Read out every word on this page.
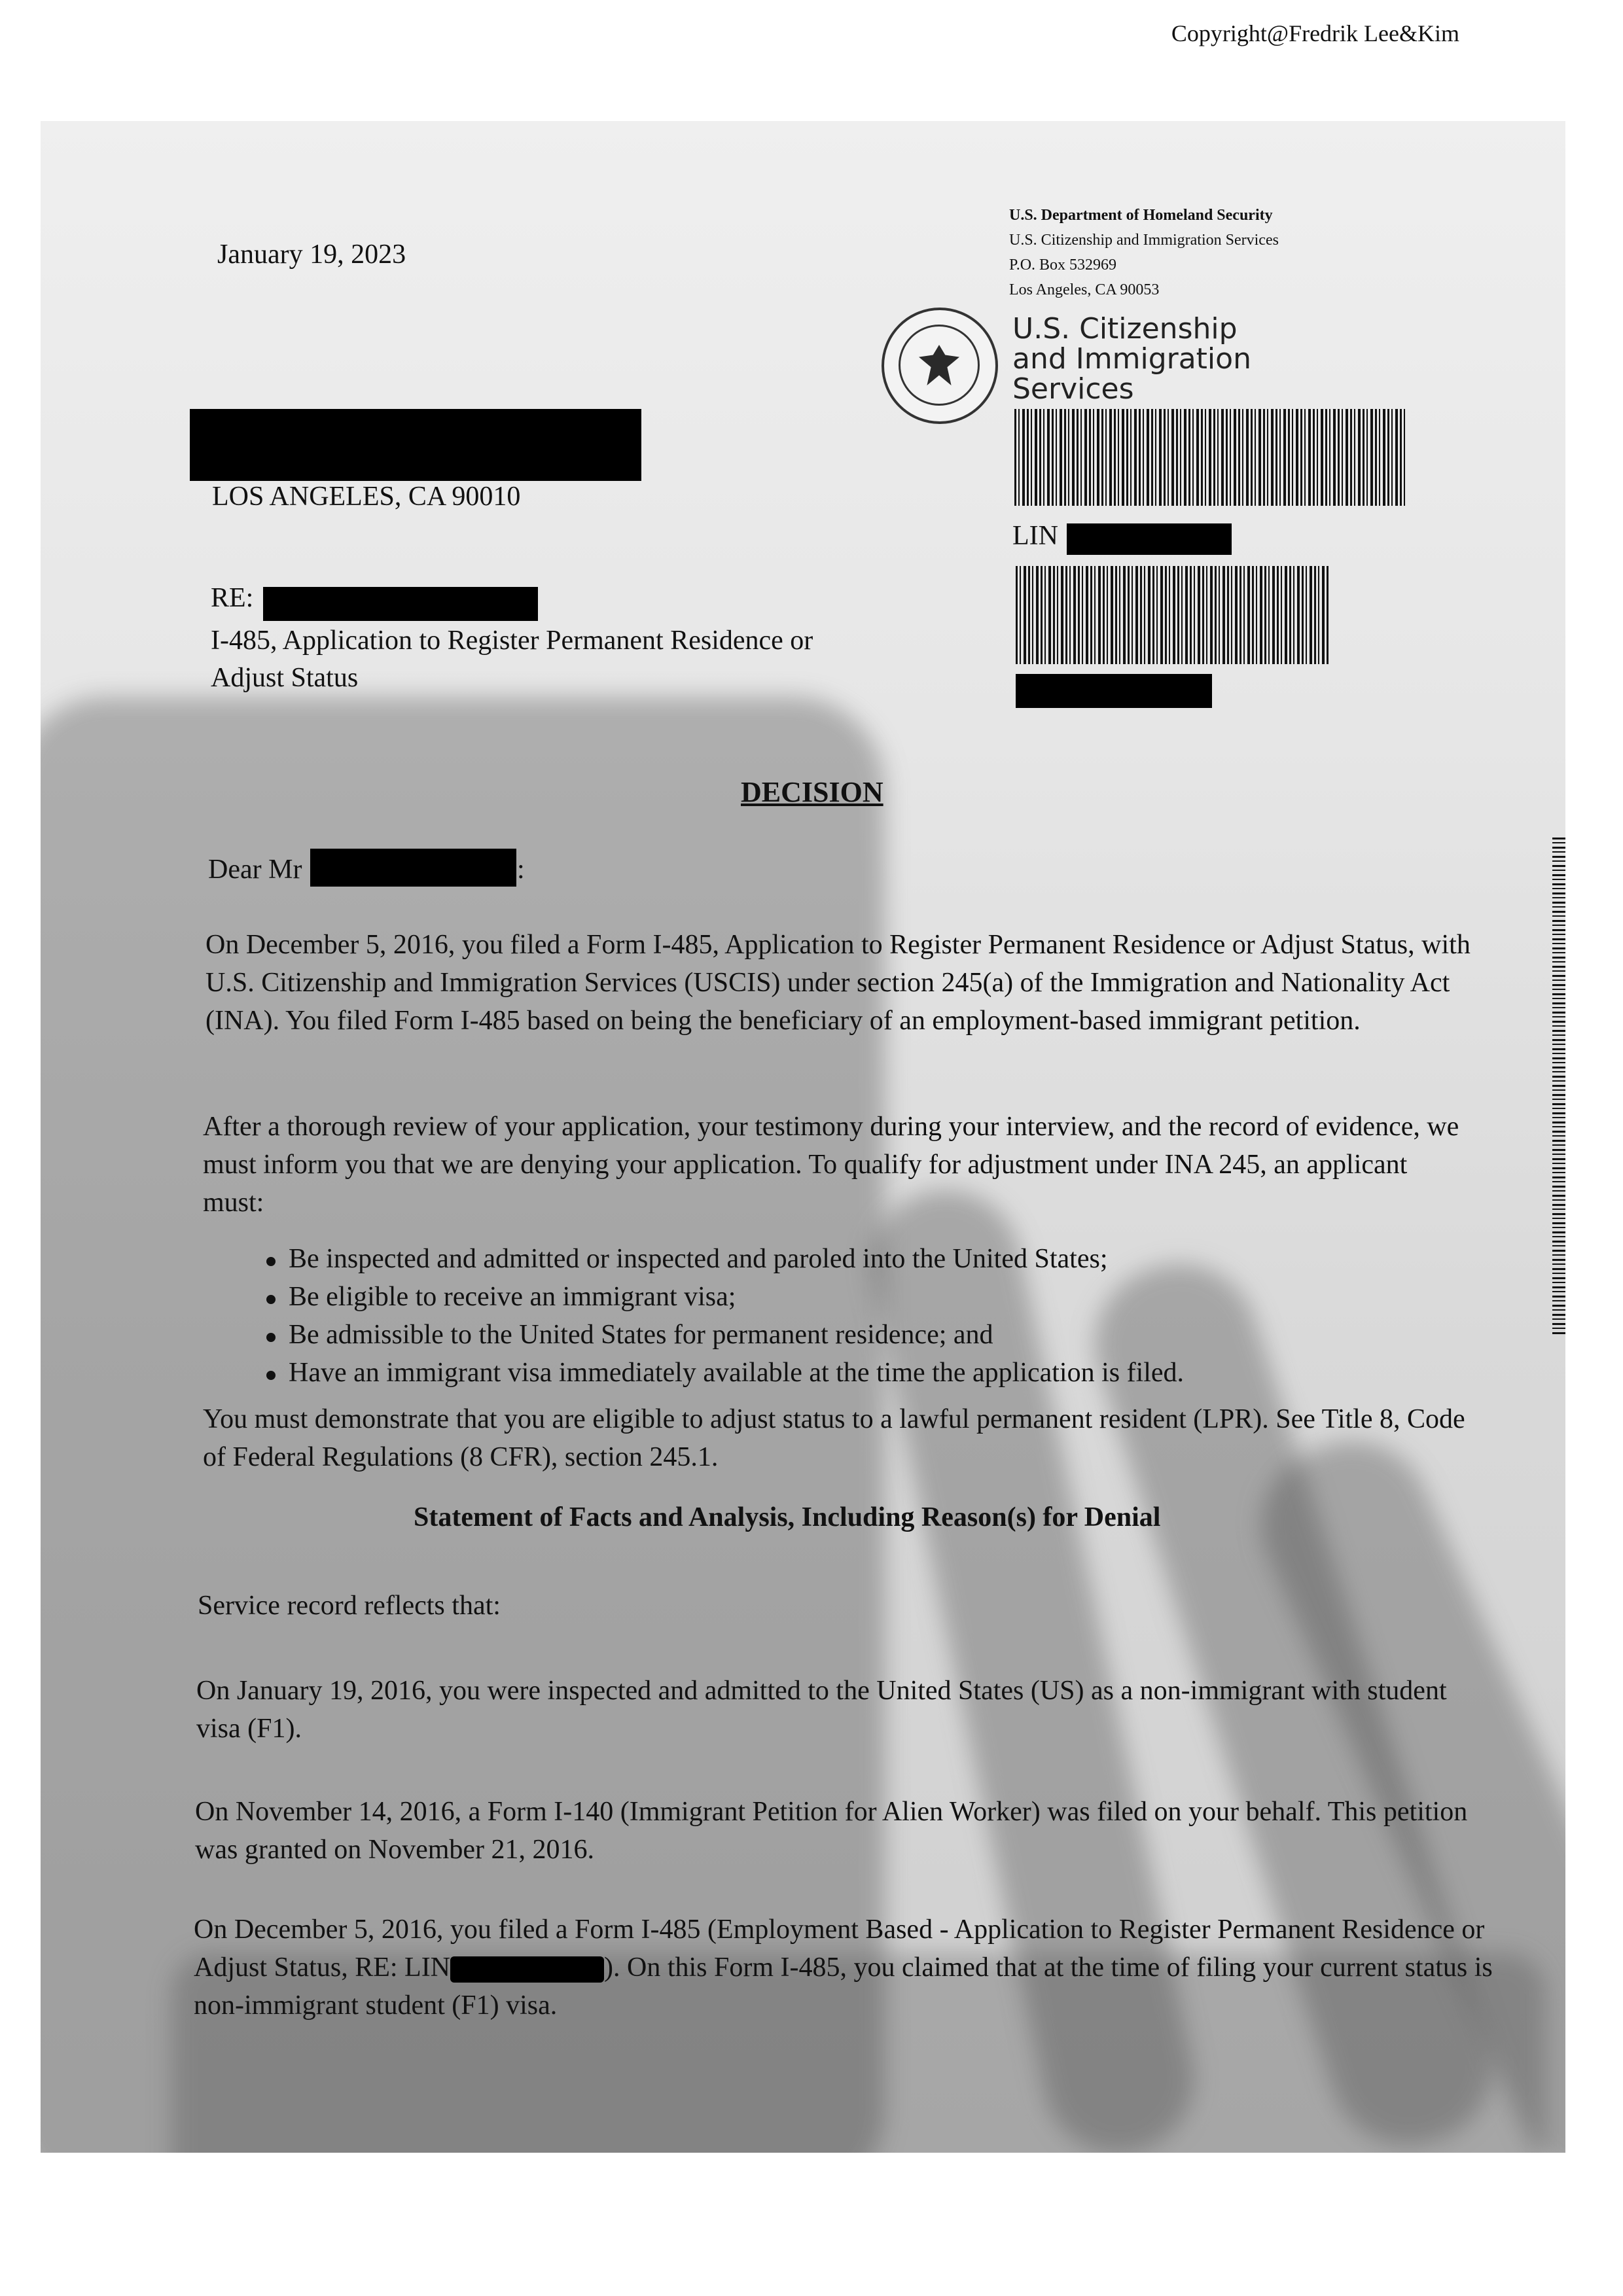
Copyright@Fredrik Lee&Kim
January 19, 2023
LOS ANGELES, CA 90010
RE:
I-485, Application to Register Permanent Residence or
Adjust Status
U.S. Department of Homeland Security
U.S. Citizenship and Immigration Services
P.O. Box 532969
Los Angeles, CA 90053
U.S. Citizenship
and Immigration
Services
LIN
DECISION
Dear Mr	:
On December 5, 2016, you filed a Form I-485, Application to Register Permanent Residence or Adjust Status, with U.S. Citizenship and Immigration Services (USCIS) under section 245(a) of the Immigration and Nationality Act (INA). You filed Form I-485 based on being the beneficiary of an employment-based immigrant petition.
After a thorough review of your application, your testimony during your interview, and the record of evidence, we must inform you that we are denying your application. To qualify for adjustment under INA 245, an applicant must:
Be inspected and admitted or inspected and paroled into the United States;
Be eligible to receive an immigrant visa;
Be admissible to the United States for permanent residence; and
Have an immigrant visa immediately available at the time the application is filed.
You must demonstrate that you are eligible to adjust status to a lawful permanent resident (LPR). See Title 8, Code of Federal Regulations (8 CFR), section 245.1.
Statement of Facts and Analysis, Including Reason(s) for Denial
Service record reflects that:
On January 19, 2016, you were inspected and admitted to the United States (US) as a non-immigrant with student visa (F1).
On November 14, 2016, a Form I-140 (Immigrant Petition for Alien Worker) was filed on your behalf. This petition was granted on November 21, 2016.
On December 5, 2016, you filed a Form I-485 (Employment Based - Application to Register Permanent Residence or Adjust Status, RE: LIN	). On this Form I-485, you claimed that at the time of filing your current status is non-immigrant student (F1) visa.
